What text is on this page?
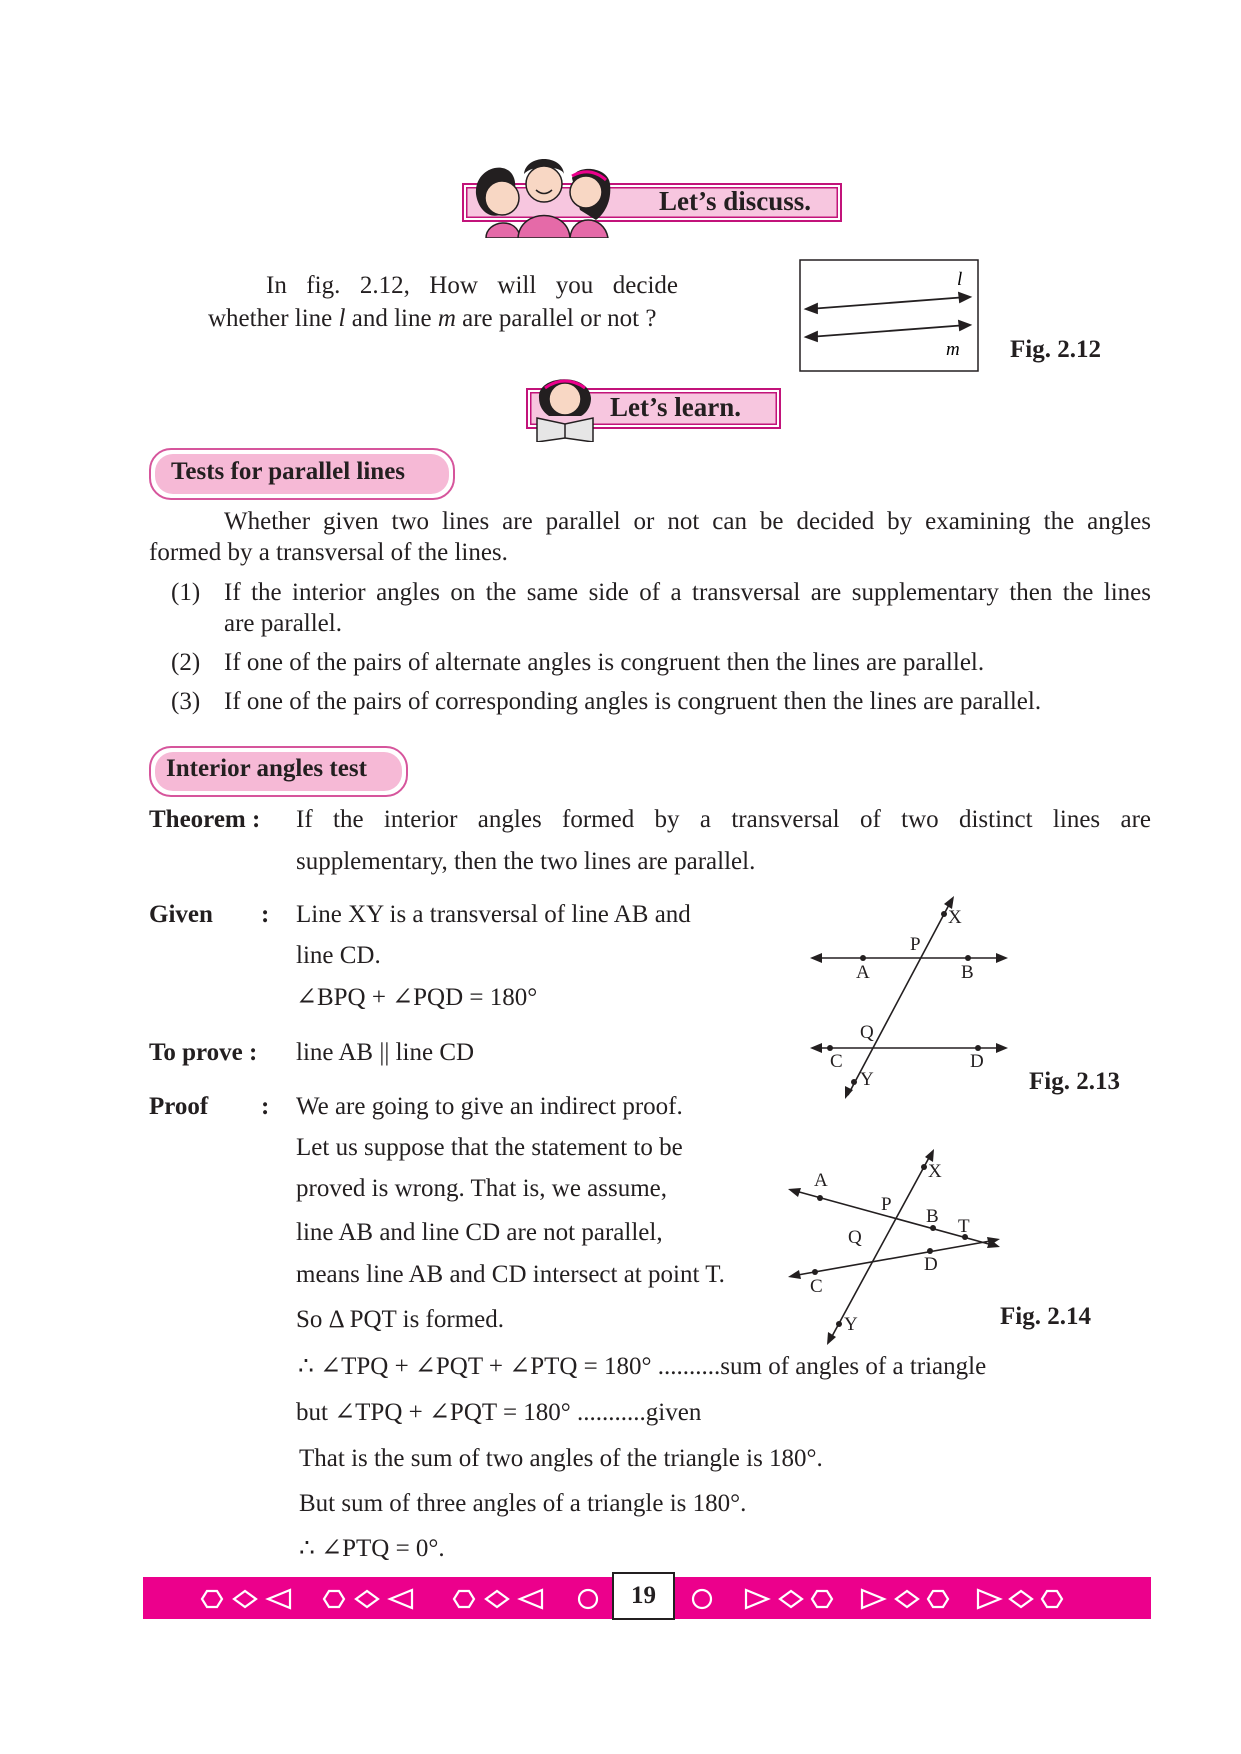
Let’s discuss.
In fig. 2.12, How will you decide
whether line l and line m are parallel or not ?
l
m Fig. 2.12
Let’s learn.
Tests for parallel lines
Whether given two lines are parallel or not can be decided by examining the angles
formed by a transversal of the lines.
(1) If the interior angles on the same side of a transversal are supplementary then the lines
are parallel.
(2) If one of the pairs of alternate angles is congruent then the lines are parallel.
(3) If one of the pairs of corresponding angles is congruent then the lines are parallel.
Interior angles test
Theorem : If the interior angles formed by a transversal of two distinct lines are
supplementary, then the two lines are parallel.
Given : Line XY is a transversal of line AB and
line CD.
∠BPQ + ∠PQD = 180°
To prove : line AB || line CD
Proof : We are going to give an indirect proof.
Let us suppose that the statement to be
proved is wrong. That is, we assume,
line AB and line CD are not parallel,
means line AB and CD intersect at point T.
So Δ PQT is formed.
∴ ∠TPQ + ∠PQT + ∠PTQ = 180° ..........sum of angles of a triangle
but ∠TPQ + ∠PQT = 180° ...........given
That is the sum of two angles of the triangle is 180°.
But sum of three angles of a triangle is 180°.
∴ ∠PTQ = 0°.
X
P
A	B
Q
C	D
Y	Fig. 2.13
A	X
P
B T
Q
D
C
Y	Fig. 2.14
19
